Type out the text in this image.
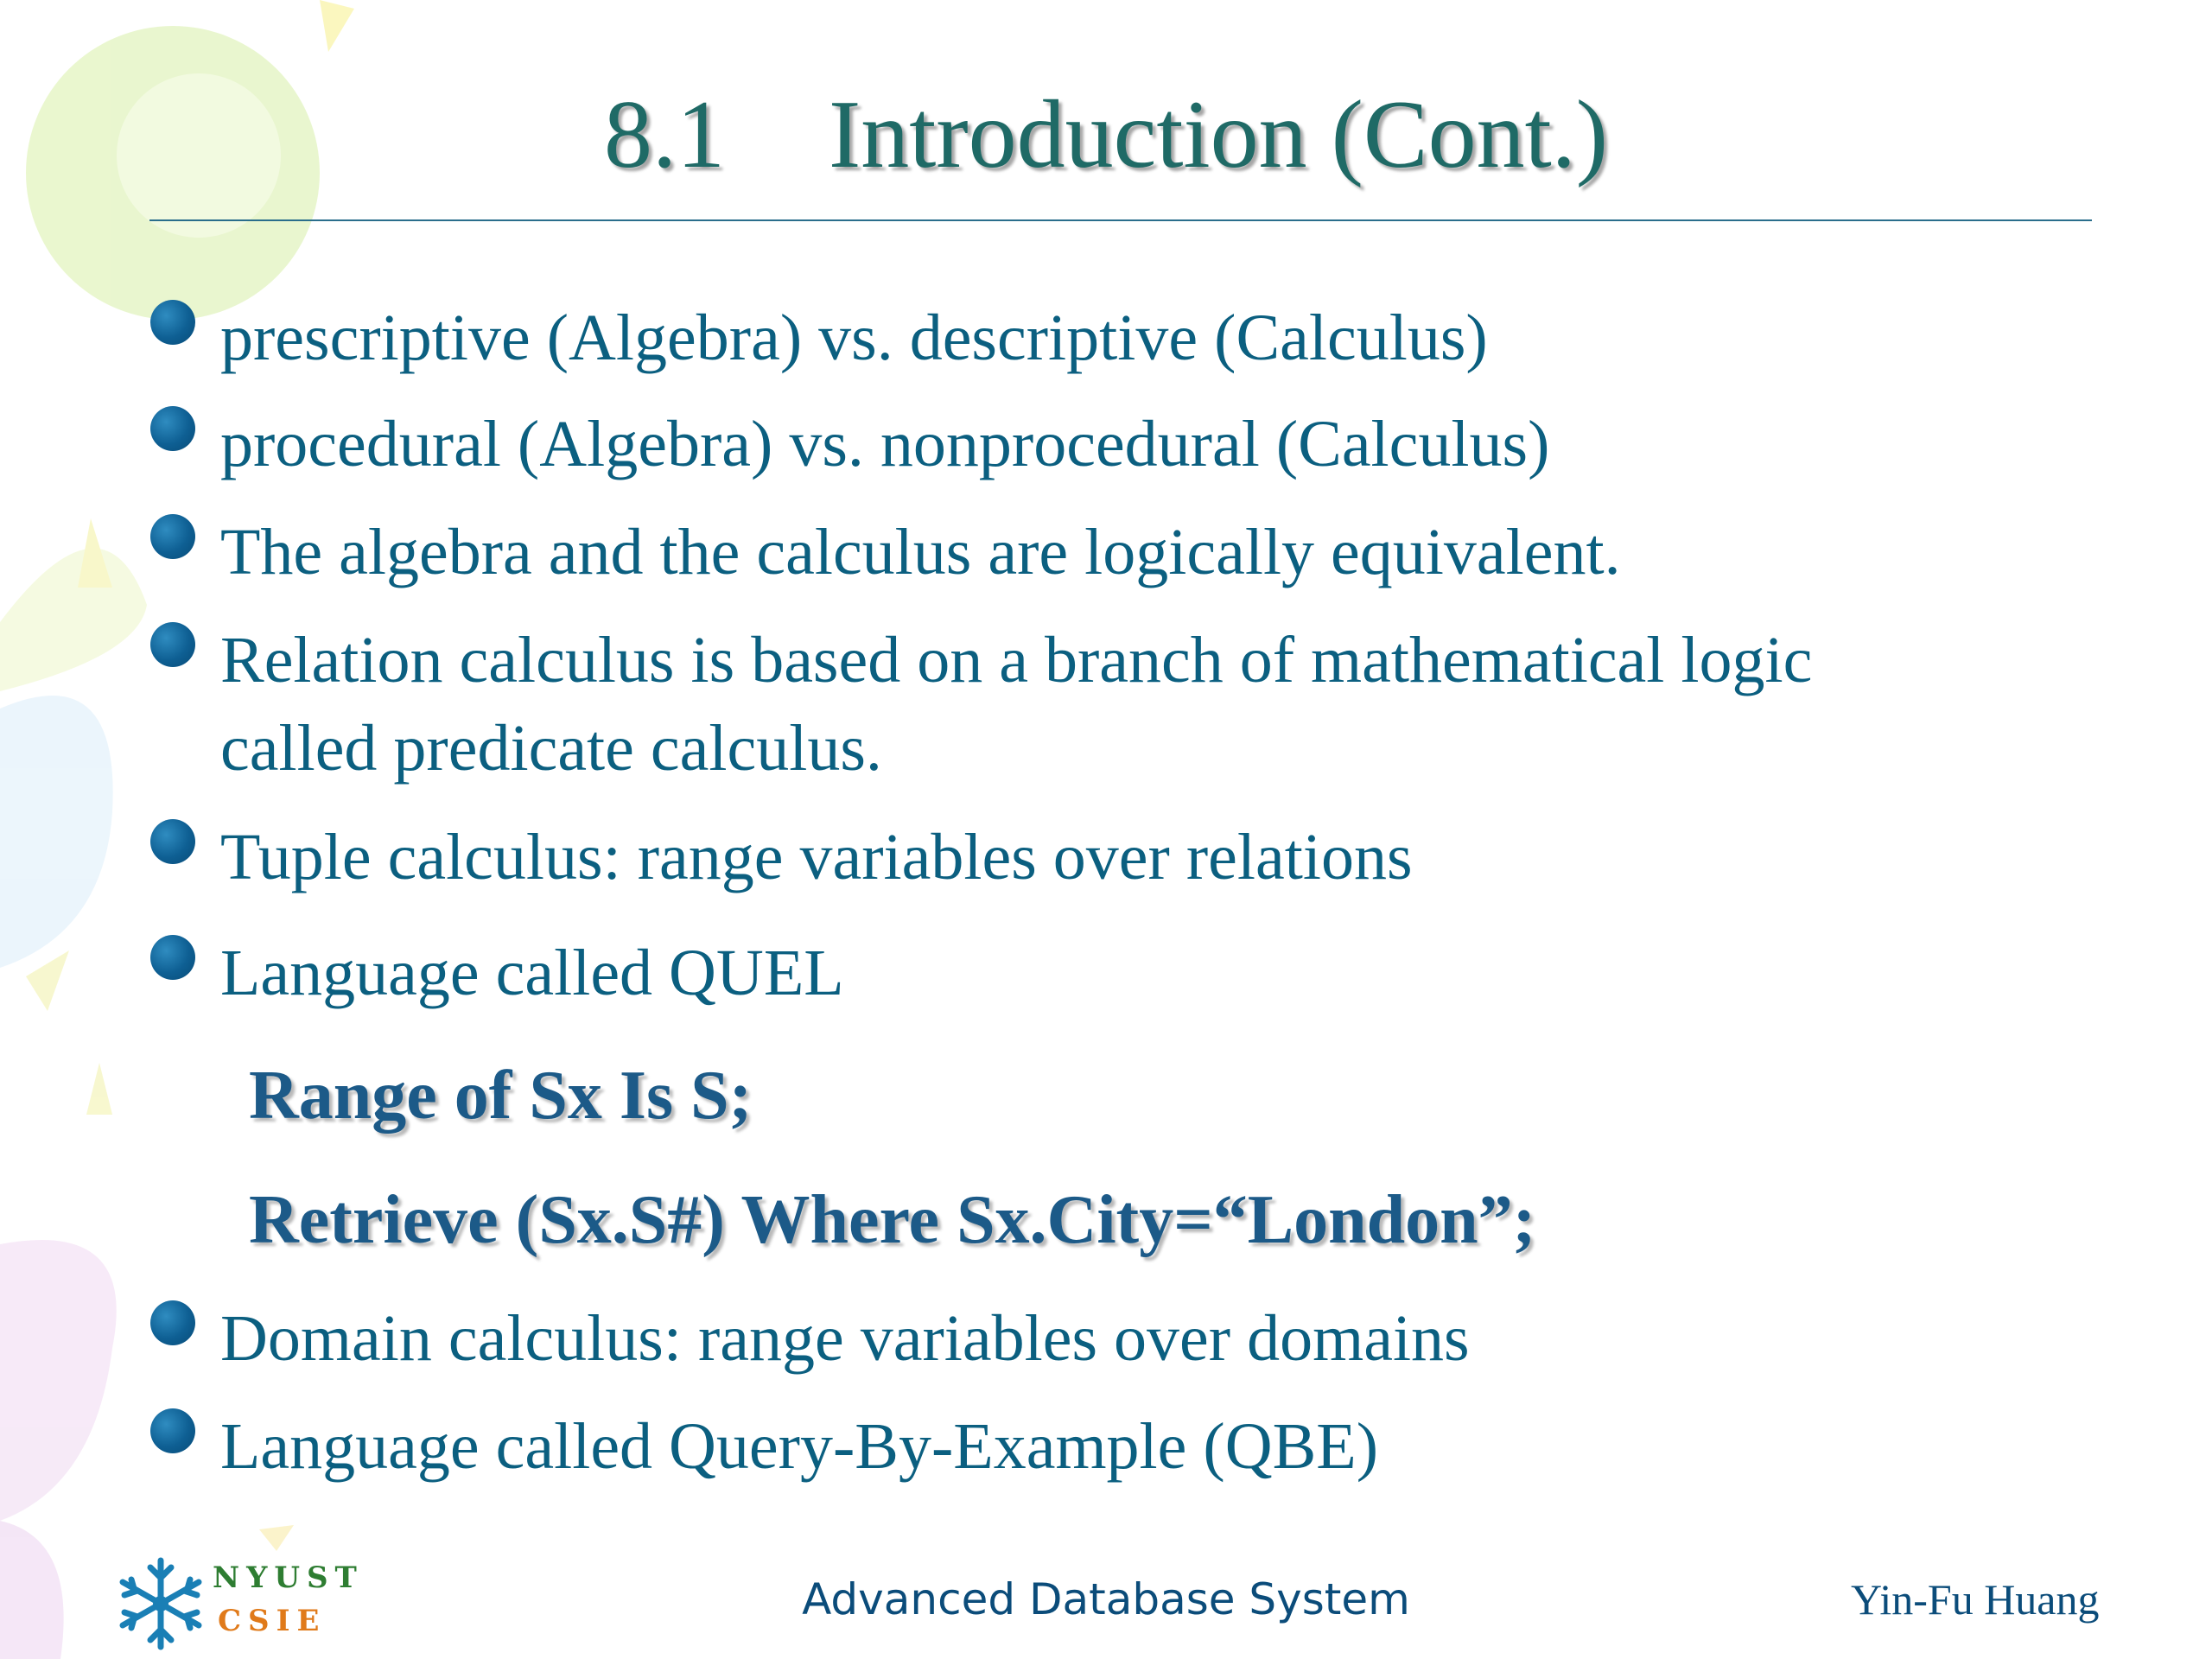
8.1 Introduction (Cont.)
prescriptive (Algebra) vs. descriptive (Calculus)
procedural (Algebra) vs. nonprocedural (Calculus)
The algebra and the calculus are logically equivalent.
Relation calculus is based on a branch of mathematical logic
called predicate calculus.
Tuple calculus: range variables over relations
Language called QUEL
Range of Sx Is S;
Retrieve (Sx.S#) Where Sx.City=“London”;
Domain calculus: range variables over domains
Language called Query-By-Example (QBE)
NYUST
CSIE	Advanced Database System	Yin-Fu Huang
